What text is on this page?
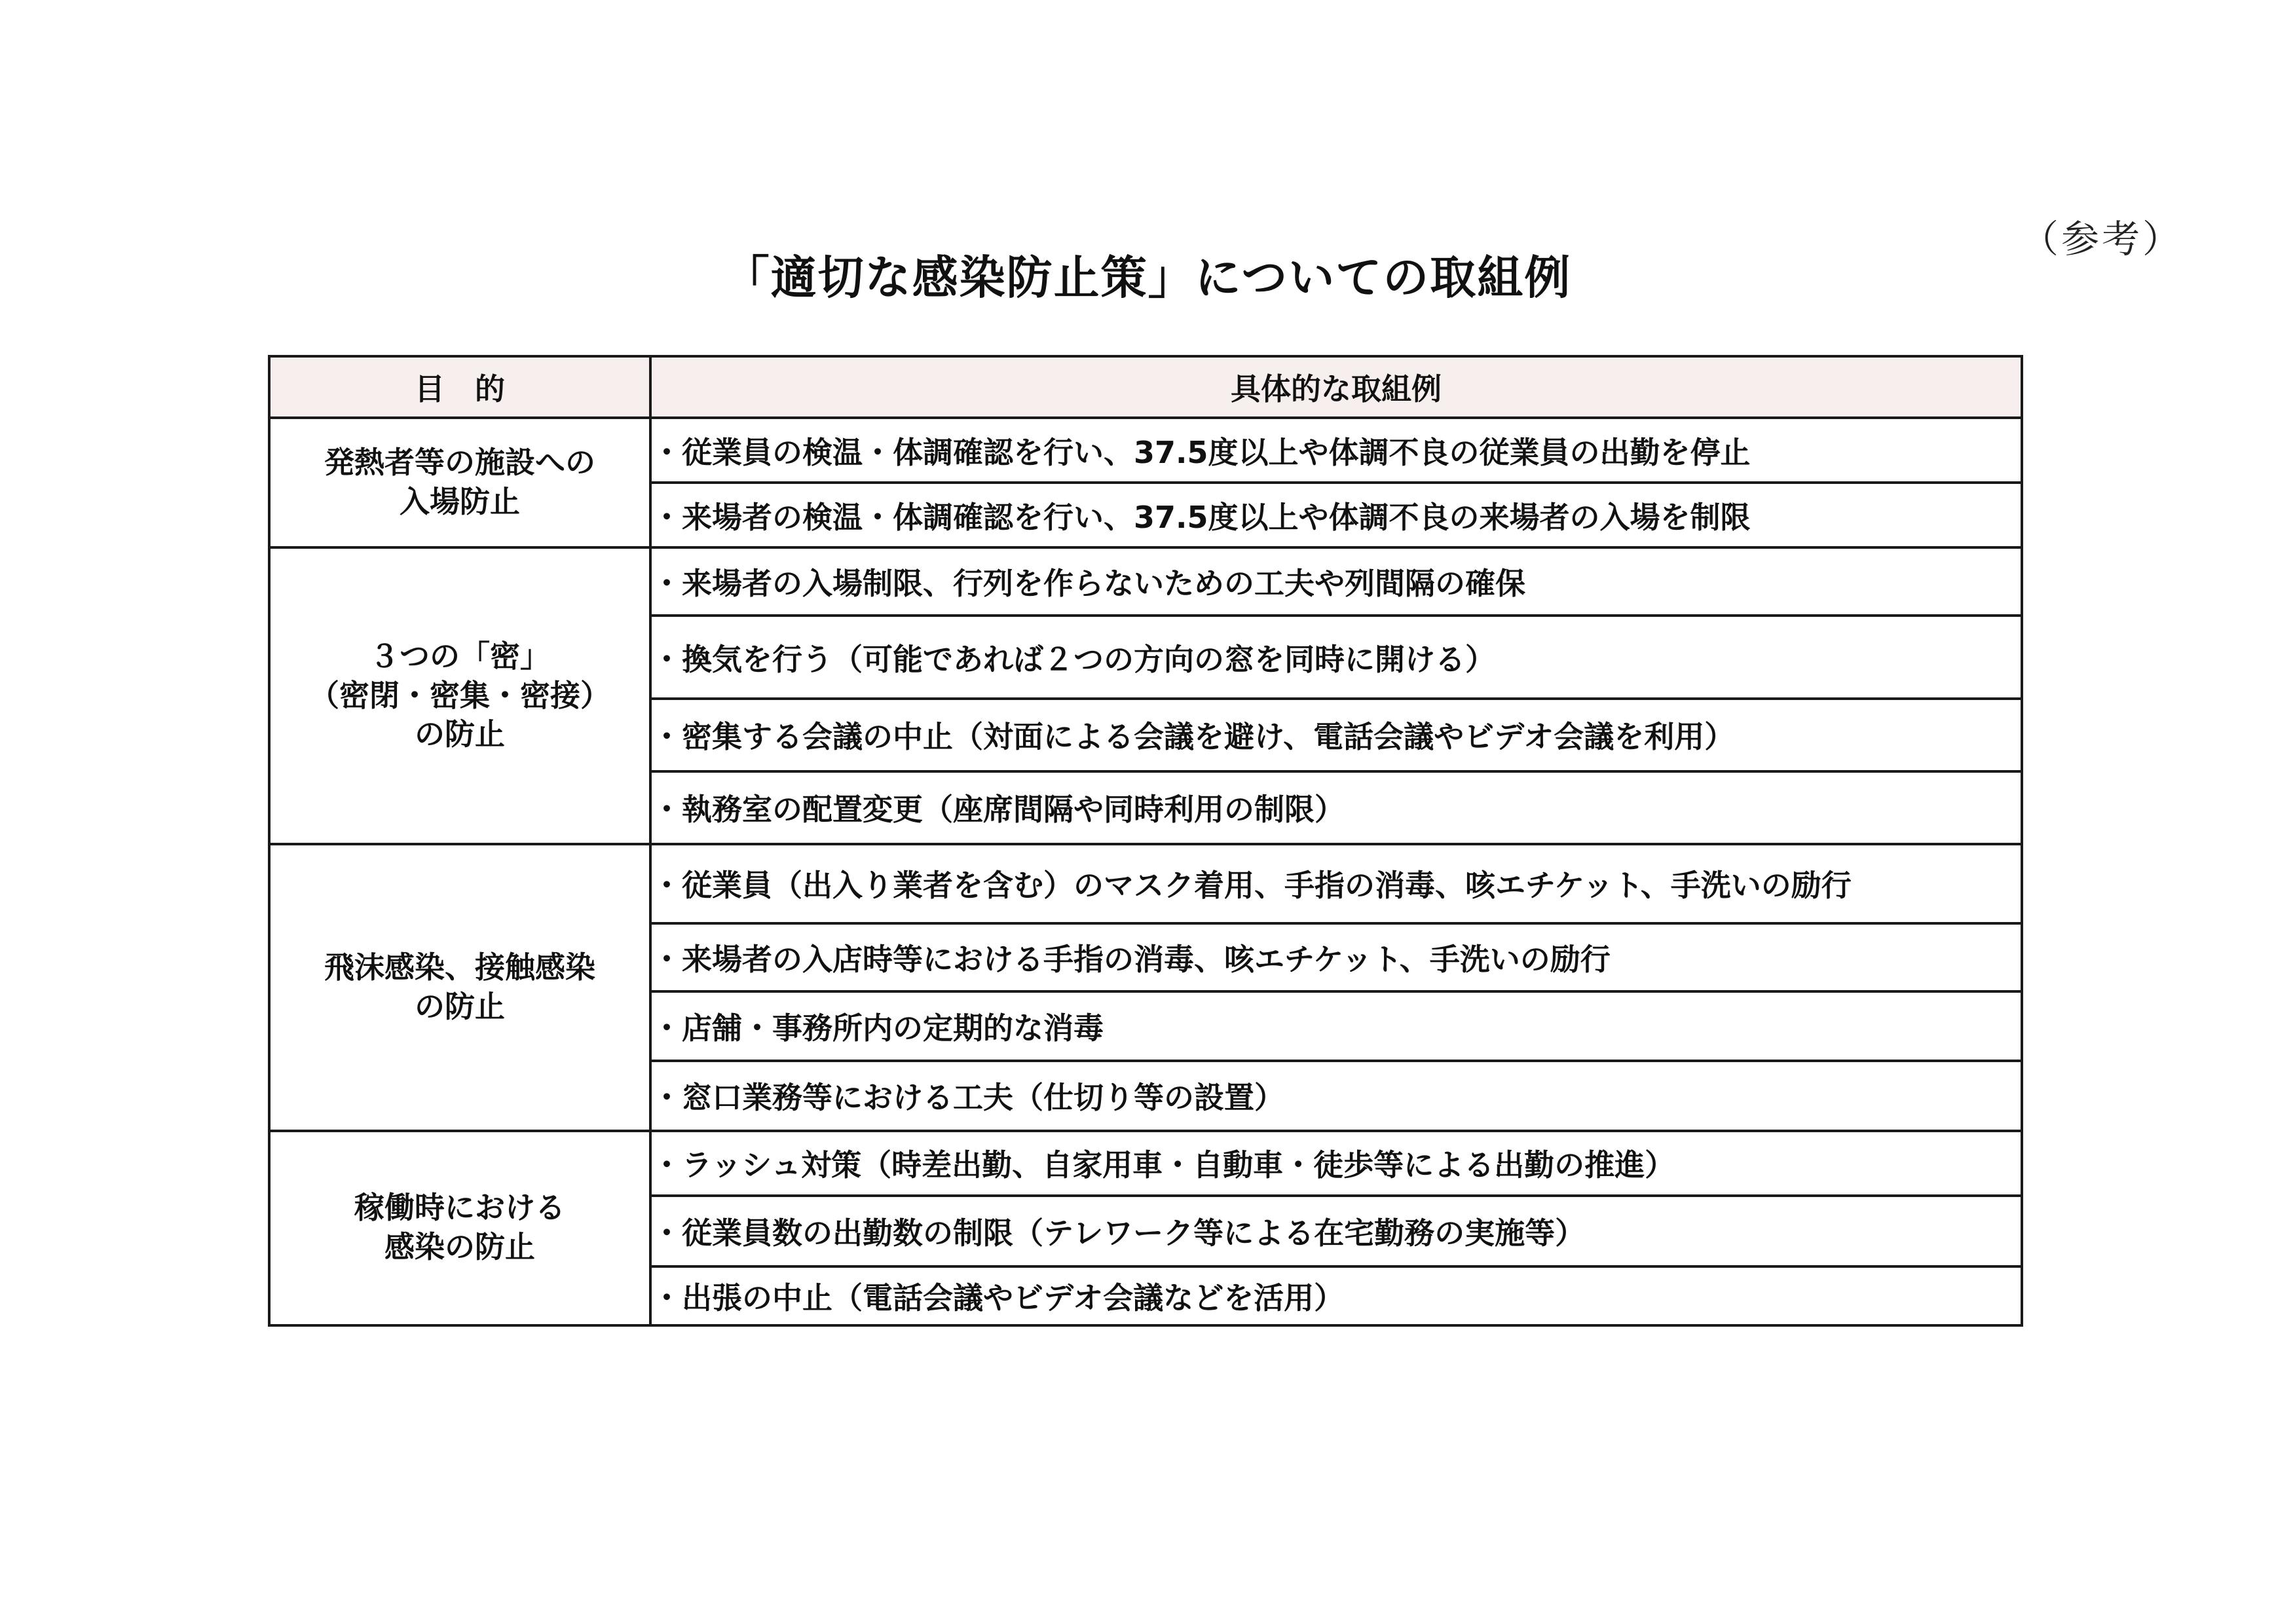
（参考）
「適切な感染防止策」についての取組例
目　的	具体的な取組例
発熱者等の施設への
入場防止	・従業員の検温・体調確認を行い、37.5度以上や体調不良の従業員の出勤を停止
	・来場者の検温・体調確認を行い、37.5度以上や体調不良の来場者の入場を制限
３つの「密」
（密閉・密集・密接）
の防止	・来場者の入場制限、行列を作らないための工夫や列間隔の確保
	・換気を行う（可能であれば２つの方向の窓を同時に開ける）
	・密集する会議の中止（対面による会議を避け、電話会議やビデオ会議を利用）
	・執務室の配置変更（座席間隔や同時利用の制限）
飛沫感染、接触感染
の防止	・従業員（出入り業者を含む）のマスク着用、手指の消毒、咳エチケット、手洗いの励行
	・来場者の入店時等における手指の消毒、咳エチケット、手洗いの励行
	・店舗・事務所内の定期的な消毒
	・窓口業務等における工夫（仕切り等の設置）
稼働時における
感染の防止	・ラッシュ対策（時差出勤、自家用車・自動車・徒歩等による出勤の推進）
	・従業員数の出勤数の制限（テレワーク等による在宅勤務の実施等）
	・出張の中止（電話会議やビデオ会議などを活用）
